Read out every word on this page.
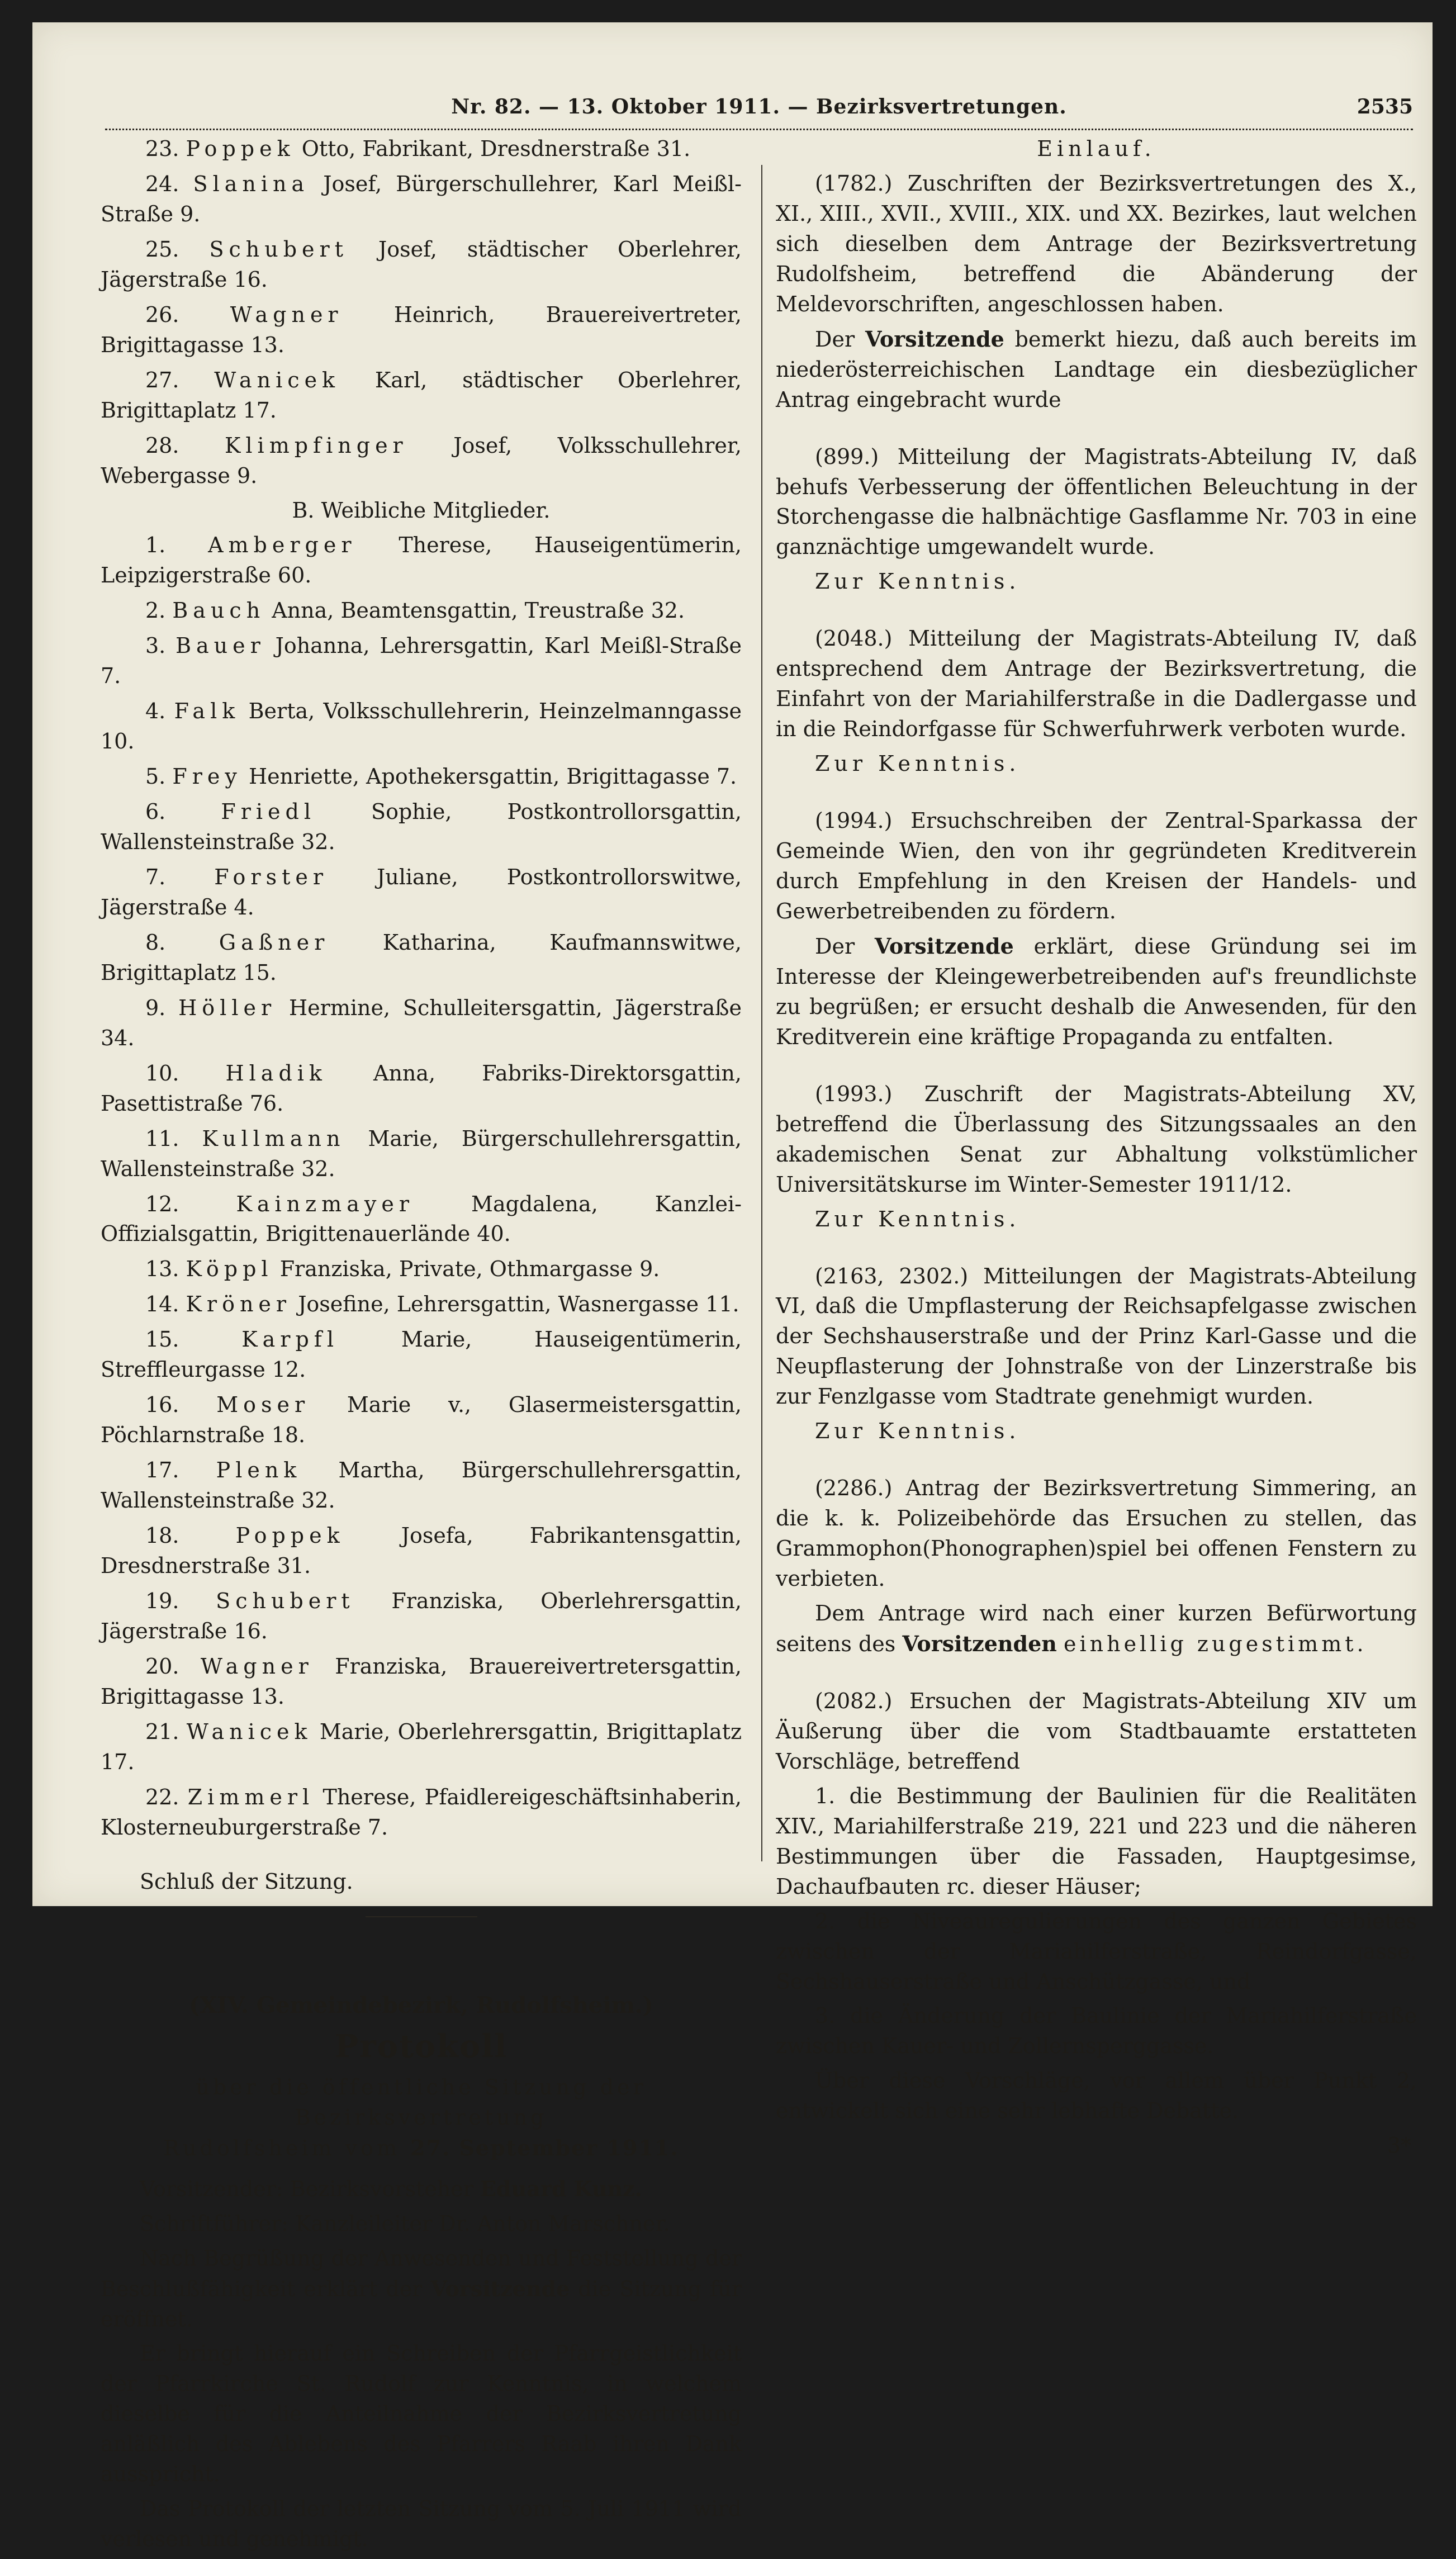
Nr. 82. — 13. Oktober 1911. — Bezirksvertretungen.	2535

23. Poppek Otto, Fabrikant, Dresdnerstraße 31.

24. Slanina Josef, Bürgerschullehrer, Karl Meißl-Straße 9.

25. Schubert Josef, städtischer Oberlehrer, Jägerstraße 16.

26. Wagner Heinrich, Brauereivertreter, Brigittagasse 13.

27. Wanicek Karl, städtischer Oberlehrer, Brigittaplatz 17.

28. Klimpfinger Josef, Volksschullehrer, Webergasse 9.

B. Weibliche Mitglieder.

1. Amberger Therese, Hauseigentümerin, Leipzigerstraße 60.

2. Bauch Anna, Beamtensgattin, Treustraße 32.

3. Bauer Johanna, Lehrersgattin, Karl Meißl-Straße 7.

4. Falk Berta, Volksschullehrerin, Heinzelmanngasse 10.

5. Frey Henriette, Apothekersgattin, Brigittagasse 7.

6.	Friedl	Sophie, Postkontrollorsgattin, Wallensteinstraße 32.

7. Forster Juliane, Postkontrollorswitwe, Jägerstraße 4.

8.	Gaßner	Katharina, Kaufmannswitwe, Brigittaplatz 15.

9. Höller Hermine, Schulleitersgattin, Jägerstraße 34.

10. Hladik Anna, Fabriks-Direktorsgattin, Pasettistraße 76.

11. Kullmann Marie, Bürgerschullehrersgattin, Wallensteinstraße 32.

12.	Kainzmayer	Magdalena, Kanzlei-Offizialsgattin, Brigittenauerlände 40.

13. Köppl Franziska, Private, Othmargasse 9.

14. Kröner Josefine, Lehrersgattin, Wasnergasse 11.

15.	Karpfl	Marie, Hauseigentümerin, Streffleurgasse 12.

16. Moser Marie v., Glasermeistersgattin, Pöchlarnstraße 18.

17. Plenk Martha, Bürgerschullehrersgattin, Wallensteinstraße 32.

18.	Poppek	Josefa, Fabrikantensgattin, Dresdnerstraße 31.

19. Schubert Franziska, Oberlehrersgattin, Jägerstraße 16.

20. Wagner Franziska, Brauereivertretersgattin, Brigittagasse 13.

21. Wanicek Marie, Oberlehrersgattin, Brigittaplatz 17.

22. Zimmerl Therese, Pfaidlereigeschäftsinhaberin, Klosterneuburgerstraße 7.

Schluß der Sitzung.

(XIV. Gemeindebezirk, Rudolfsheim.)
Protokoll
über die öffentliche Sitzung der Bezirksvertretung
Rudolfsheim vom 27. September 1911.

Vorsitzender: Bezirksvorsteher Eduard Kunz.

Schriftführer: Kanzleileiter Dr. Anton Marschner.

Nach Begrüßung der Anwesenden und Feststellung der Beschlußfähigkeit erklärt der Vorsitzende die Sitzung für eröffnet.

Er bringt hierauf ein Schreiben der Pfarrgeistlichkeit der Pfarrkirche St. Rudolf zur Kenntnis, in welchem dieselbe für die Anteilnahme der Bezirksvertretung anläßlich des Ablebens des Pfarrers Raab ihren Dank ausspricht.

Das Protokoll der letzten Sitzung vom 5. Juli 1911 wird verlesen und genehmigt.

Einlauf.

(1782.) Zuschriften der Bezirksvertretungen des X., XI., XIII., XVII., XVIII., XIX. und XX. Bezirkes, laut welchen sich dieselben dem Antrage der Bezirksvertretung Rudolfsheim, betreffend die Abänderung der Meldevorschriften, angeschlossen haben.

Der Vorsitzende bemerkt hiezu, daß auch bereits im niederösterreichischen Landtage ein diesbezüglicher Antrag eingebracht wurde

(899.) Mitteilung der Magistrats-Abteilung IV, daß behufs Verbesserung der öffentlichen Beleuchtung in der Storchengasse die halbnächtige Gasflamme Nr. 703 in eine ganznächtige umgewandelt wurde.

Zur Kenntnis.

(2048.) Mitteilung der Magistrats-Abteilung IV, daß entsprechend dem Antrage der Bezirksvertretung, die Einfahrt von der Mariahilferstraße in die Dadlergasse und in die Reindorfgasse für Schwerfuhrwerk verboten wurde.

Zur Kenntnis.

(1994.) Ersuchschreiben der Zentral-Sparkassa der Gemeinde Wien, den von ihr gegründeten Kreditverein durch Empfehlung in den Kreisen der Handels- und Gewerbetreibenden zu fördern.

Der Vorsitzende erklärt, diese Gründung sei im Interesse der Kleingewerbetreibenden auf's freundlichste zu begrüßen; er ersucht deshalb die Anwesenden, für den Kreditverein eine kräftige Propaganda zu entfalten.

(1993.) Zuschrift der Magistrats-Abteilung XV, betreffend die Überlassung des Sitzungssaales an den akademischen Senat zur Abhaltung volkstümlicher Universitätskurse im Winter-Semester 1911/12.

Zur Kenntnis.

(2163, 2302.) Mitteilungen der Magistrats-Abteilung VI, daß die Umpflasterung der Reichsapfelgasse zwischen der Sechshauserstraße und der Prinz Karl-Gasse und die Neupflasterung der Johnstraße von der Linzerstraße bis zur Fenzlgasse vom Stadtrate genehmigt wurden.

Zur Kenntnis.

(2286.) Antrag der Bezirksvertretung Simmering, an die k. k. Polizeibehörde das Ersuchen zu stellen, das Grammophon(Phonographen)spiel bei offenen Fenstern zu verbieten.

Dem Antrage wird nach einer kurzen Befürwortung seitens des Vorsitzenden einhellig zugestimmt.

(2082.) Ersuchen der Magistrats-Abteilung XIV um Äußerung über die vom Stadtbauamte erstatteten Vorschläge, betreffend

1. die Bestimmung der Baulinien für die Realitäten XIV., Mariahilferstraße 219, 221 und 223 und die näheren Bestimmungen über die Fassaden, Hauptgesimse, Dachaufbauten rc. dieser Häuser;

2. die Niveauregulierungen des ganzen Gebietes zwischen der Mariahilferstraße, Reindorfgasse, Sechshauserstraße und Anschützgasse, und

3. die Änderung der Baulinie der Mariahilferstraße zwischen Kauer- und Zollernsperggasse.

Über diese Vorschläge, vor allem über Punkt 2, entwickelt sich eine sehr lebhafte Debatte.

3*
